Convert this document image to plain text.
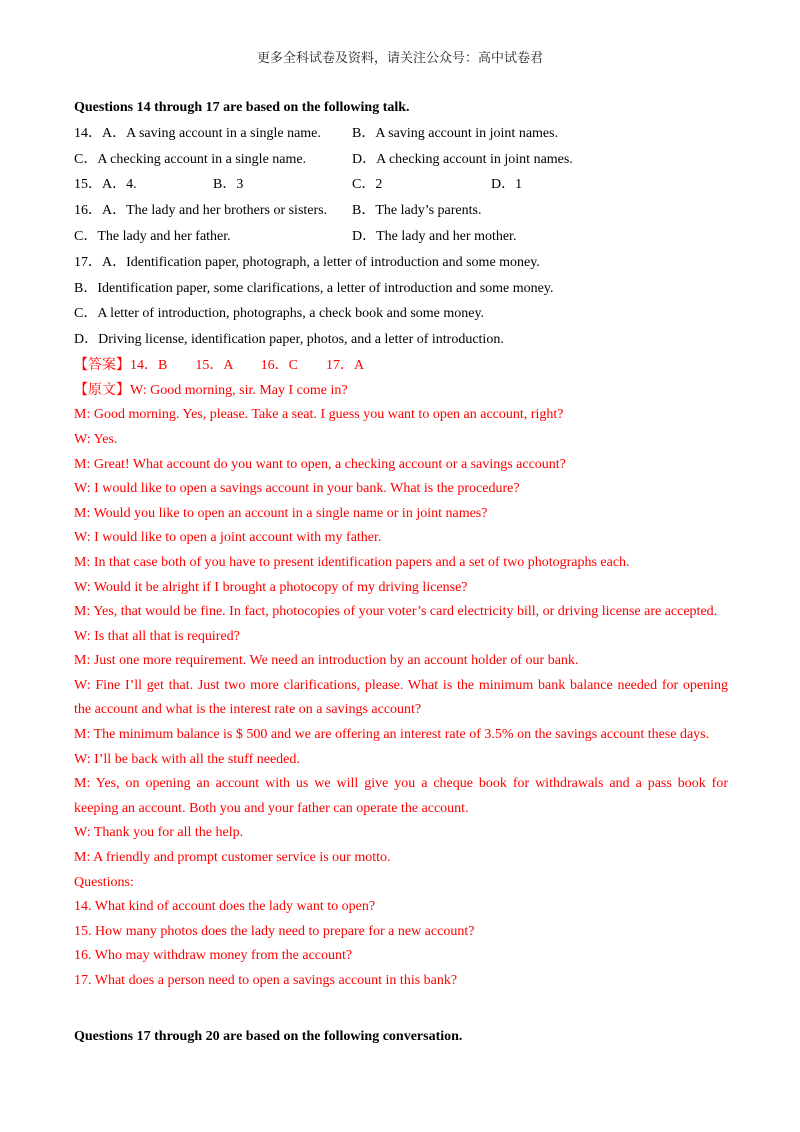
更多全科试卷及资料，请关注公众号：高中试卷君
Questions 14 through 17 are based on the following talk.
14．A．A saving account in a single name. B．A saving account in joint names.
C．A checking account in a single name.	D．A checking account in joint names.
15．A．4.	B．3	C．2	D．1
16．A．The lady and her brothers or sisters. B．The lady’s parents.
C．The lady and her father.	D．The lady and her mother.
17．A．Identification paper, photograph, a letter of introduction and some money.
B．Identification paper, some clarifications, a letter of introduction and some money.
C．A letter of introduction, photographs, a check book and some money.
D．Driving license, identification paper, photos, and a letter of introduction.
【答案】14．B　　15．A　　16．C　　17．A
【原文】W: Good morning, sir. May I come in?
M: Good morning. Yes, please. Take a seat. I guess you want to open an account, right?
W: Yes.
M: Great! What account do you want to open, a checking account or a savings account?
W: I would like to open a savings account in your bank. What is the procedure?
M: Would you like to open an account in a single name or in joint names?
W: I would like to open a joint account with my father.
M: In that case both of you have to present identification papers and a set of two photographs each.
W: Would it be alright if I brought a photocopy of my driving license?
M: Yes, that would be fine. In fact, photocopies of your voter’s card electricity bill, or driving license are accepted.
W: Is that all that is required?
M: Just one more requirement. We need an introduction by an account holder of our bank.
W: Fine I’ll get that. Just two more clarifications, please. What is the minimum bank balance needed for opening
the account and what is the interest rate on a savings account?
M: The minimum balance is $ 500 and we are offering an interest rate of 3.5% on the savings account these days.
W: I’ll be back with all the stuff needed.
M: Yes, on opening an account with us we will give you a cheque book for withdrawals and a pass book for
keeping an account. Both you and your father can operate the account.
W: Thank you for all the help.
M: A friendly and prompt customer service is our motto.
Questions:
14. What kind of account does the lady want to open?
15. How many photos does the lady need to prepare for a new account?
16. Who may withdraw money from the account?
17. What does a person need to open a savings account in this bank?
Questions 17 through 20 are based on the following conversation.
